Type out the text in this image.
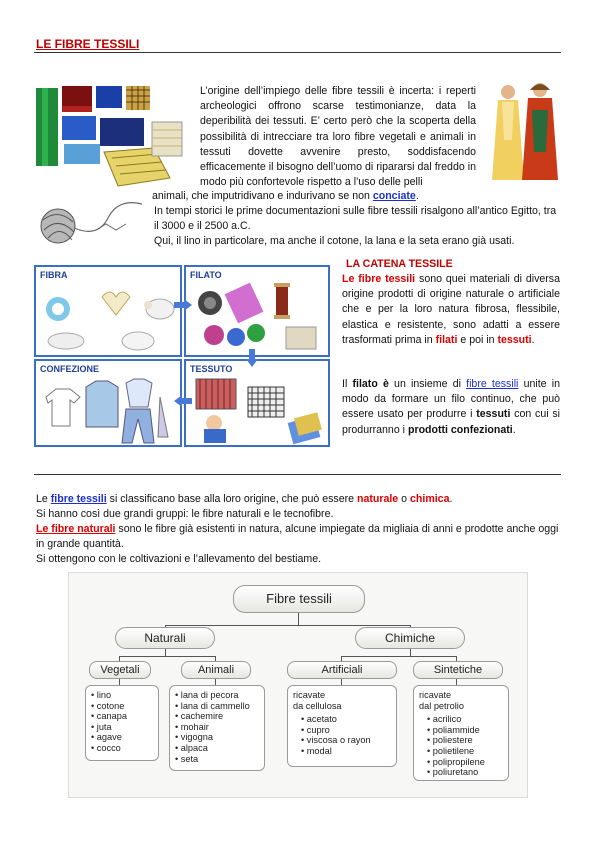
LE FIBRE TESSILI
L’origine dell’impiego delle fibre tessili è incerta: i reperti archeologici offrono scarse testimonianze, data la deperibilità dei tessuti. E’ certo però che la scoperta della possibilità di intrecciare tra loro fibre vegetali e animali in tessuti dovette avvenire presto, soddisfacendo efficacemente il bisogno dell’uomo di ripararsi dal freddo in modo più confortevole rispetto a l’uso delle pelli
animali, che imputridivano e indurivano se non conciate.
In tempi storici le prime documentazioni sulle fibre tessili risalgono all’antico Egitto, tra il 3000 e il 2500 a.C.
Qui, il lino in particolare, ma anche il cotone, la lana e la seta erano già usati.
FIBRA	FILATO
CONFEZIONE	TESSUTO
LA CATENA TESSILE
Le fibre tessili sono quei materiali di diversa origine prodotti di origine naturale o artificiale che e per la loro natura fibrosa, flessibile, elastica e resistente, sono adatti a essere trasformati prima in filati e poi in tessuti.
Il filato è un insieme di fibre tessili unite in modo da formare un filo continuo, che può essere usato per produrre i tessuti con cui si produrranno i prodotti confezionati.
Le fibre tessili si classificano base alla loro origine, che può essere naturale o chimica.
Si hanno così due grandi gruppi: le fibre naturali e le tecnofibre.
Le fibre naturali sono le fibre già esistenti in natura, alcune impiegate da migliaia di anni e prodotte anche oggi in grande quantità.
Si ottengono con le coltivazioni e l’allevamento del bestiame.
Fibre tessili
Naturali	Chimiche
Vegetali	Animali	Artificiali	Sintetiche
• lino
• cotone
• canapa
• juta
• agave
• cocco
• lana di pecora
• lana di cammello
• cachemire
• mohair
• vigogna
• alpaca
• seta
ricavate
da cellulosa
• acetato
• cupro
• viscosa o rayon
• modal
ricavate
dal petrolio
• acrilico
• poliammide
• poliestere
• polietilene
• polipropilene
• poliuretano
